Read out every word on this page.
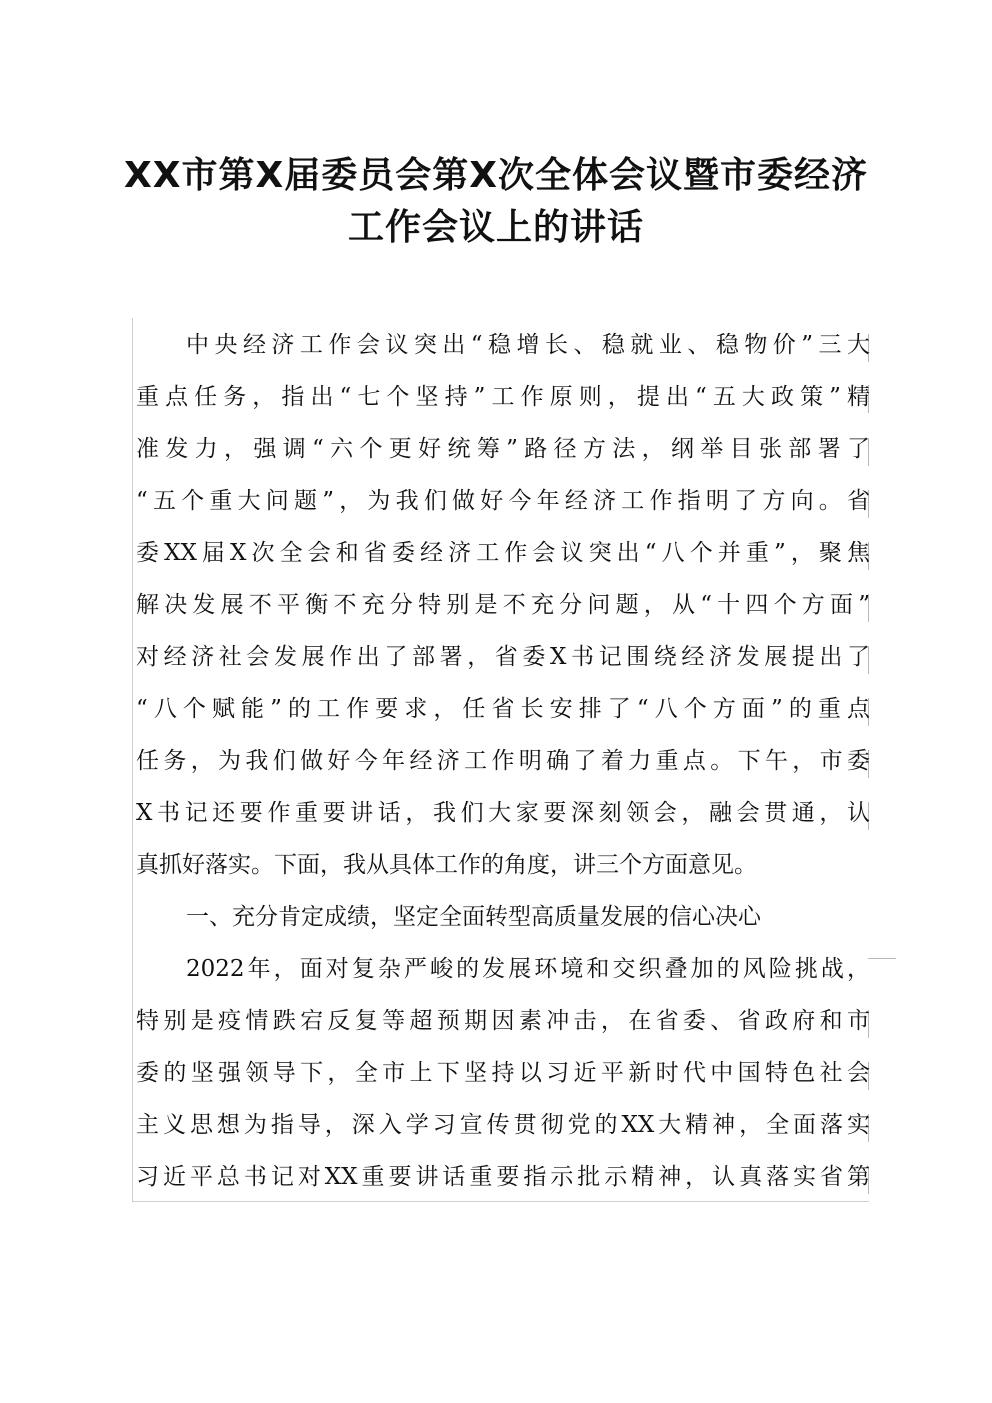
XX市第X届委员会第X次全体会议暨市委经济
工作会议上的讲话
中央经济工作会议突出“稳增长、稳就业、稳物价”三大
重点任务，指出“七个坚持”工作原则，提出“五大政策”精
准发力，强调“六个更好统筹”路径方法，纲举目张部署了
“五个重大问题”，为我们做好今年经济工作指明了方向。省
委XX届X次全会和省委经济工作会议突出“八个并重”，聚焦
解决发展不平衡不充分特别是不充分问题，从“十四个方面”
对经济社会发展作出了部署，省委X书记围绕经济发展提出了
“八个赋能”的工作要求，任省长安排了“八个方面”的重点
任务，为我们做好今年经济工作明确了着力重点。下午，市委
X书记还要作重要讲话，我们大家要深刻领会，融会贯通，认
真抓好落实。下面，我从具体工作的角度，讲三个方面意见。
一、充分肯定成绩，坚定全面转型高质量发展的信心决心
2022年，面对复杂严峻的发展环境和交织叠加的风险挑战，
特别是疫情跌宕反复等超预期因素冲击，在省委、省政府和市
委的坚强领导下，全市上下坚持以习近平新时代中国特色社会
主义思想为指导，深入学习宣传贯彻党的XX大精神，全面落实
习近平总书记对XX重要讲话重要指示批示精神，认真落实省第
